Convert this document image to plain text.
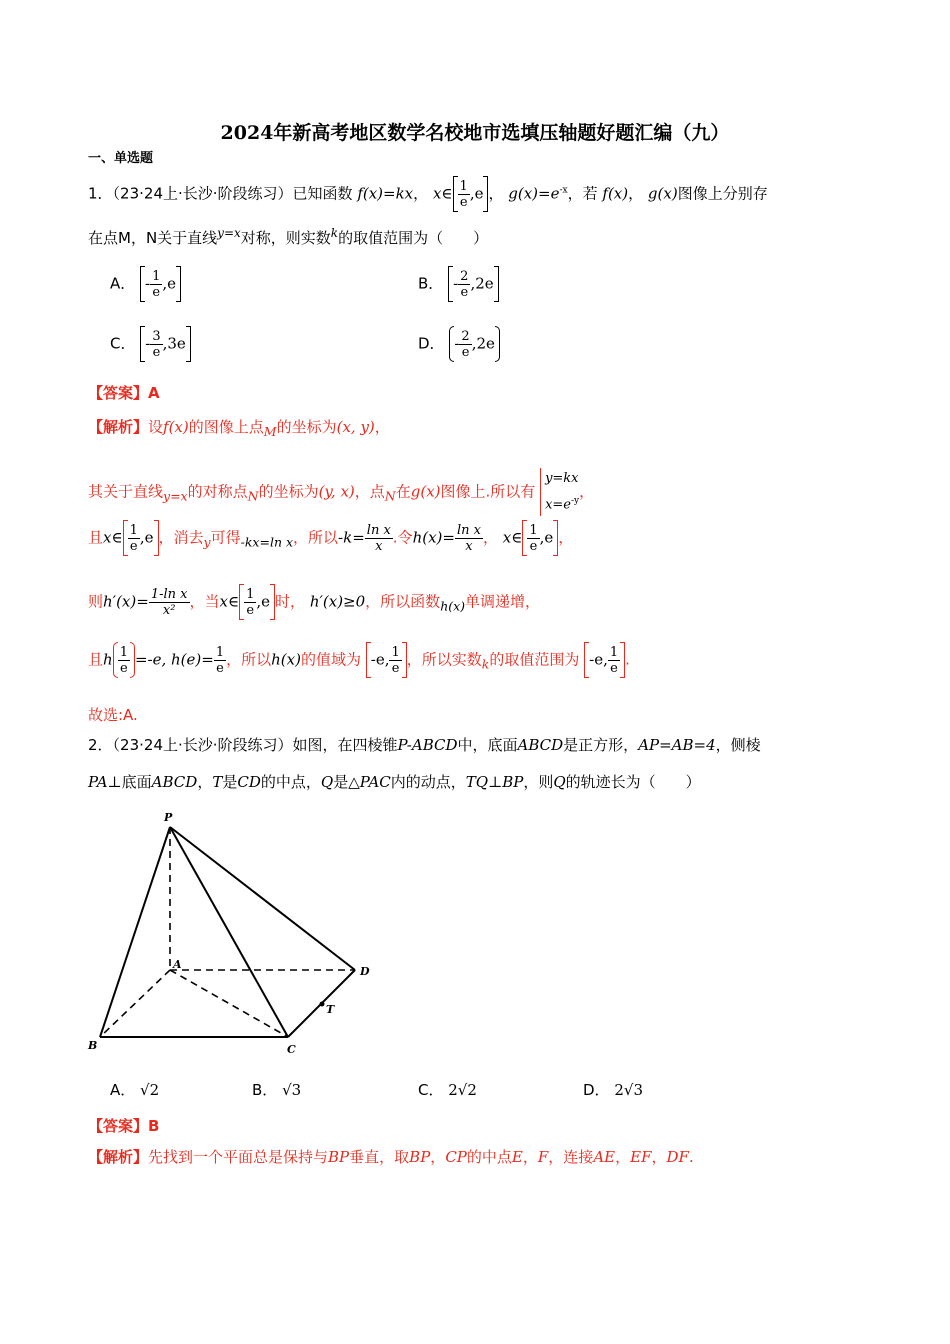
2024年新高考地区数学名校地市选填压轴题好题汇编（九）
一、单选题
1．（23·24上·长沙·阶段练习）已知函数 f(x)=kx， x∈ $\frac{1}{e} ,e$ ， $g(x)=e^{-x}$，若 f(x)， g(x)图像上分别存
在点M，N关于直线$^{y=x}$对称，则实数$^k$的取值范围为（　　）
A． - $\frac{1}{e} ,e$	B． - $\frac{2}{e} ,2e$
C． - $\frac{3}{e} ,3e$	D． - $\frac{2}{e} ,2e$
【答案】A
【解析】设f(x)的图像上点$_M$的坐标为(x, y)，
其关于直线$_{y=x}$的对称点$_N$的坐标为(y, x)，点$_N$在g(x)图像上.所以有
y=kx
$x=e^{-y}$
，
且x∈ $\frac{1}{e} ,e$ ，消去$_y$可得$_{-kx=ln x}$，所以$-k= \frac{\text{ln x}}{x}$ .令$h(x)= \frac{\text{ln x}}{x}$ ， x∈ $\frac{1}{e} ,e$ ，
则$h'(x)= \frac{\text{1-ln x}}{\text{x²}}$ ，当x∈ $\frac{1}{e} ,e$ 时， h′(x)≥0，所以函数$_{h(x)}$单调递增，
且h $\frac{1}{e} =-e$, $h(e)= \frac{1}{e}$ ，所以h(x)的值域为 -e, $\frac{1}{e}$ ，所以实数$_k$的取值范围为 -e, $\frac{1}{e}$ .
故选:A.
2．（23·24上·长沙·阶段练习）如图，在四棱锥P-ABCD中，底面ABCD是正方形，AP=AB=4，侧棱
PA⊥底面ABCD，T是CD的中点，Q是△PAC内的动点，TQ⊥BP，则Q的轨迹长为（　　）
P
A
B	C
D
T
A． √2	B． √3	C． 2√2	D． 2√3
【答案】B
【解析】先找到一个平面总是保持与BP垂直，取BP，CP的中点E，F，连接AE，EF，DF.
